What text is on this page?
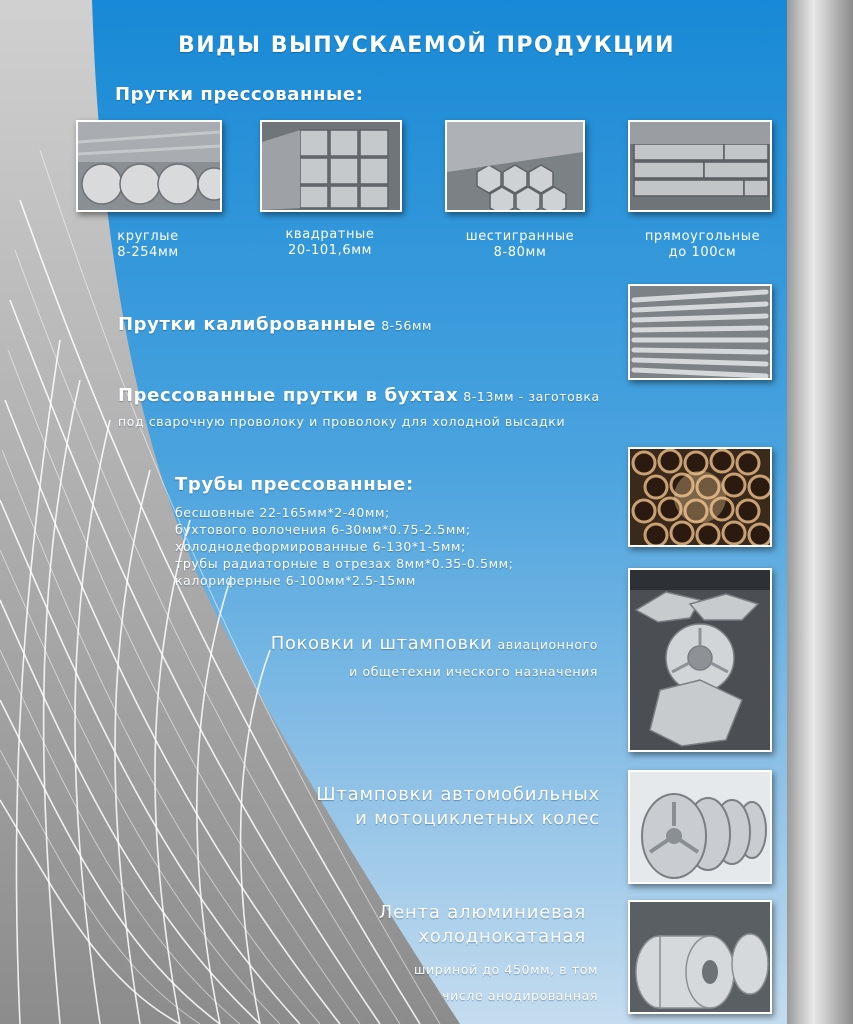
ВИДЫ ВЫПУСКАЕМОЙ ПРОДУКЦИИ
Прутки прессованные:
круглые
8-254мм
квадратные
20-101,6мм
шестигранные
8-80мм
прямоугольные
до 100см
Прутки калиброванные 8-56мм
Прессованные прутки в бухтах 8-13мм - заготовка
под сварочную проволоку и проволоку для холодной высадки
Трубы прессованные:
бесшовные 22-165мм*2-40мм;
бухтового волочения 6-30мм*0.75-2.5мм;
холоднодеформированные 6-130*1-5мм;
трубы радиаторные в отрезах 8мм*0.35-0.5мм;
калориферные 6-100мм*2.5-15мм
Поковки и штамповки авиационного
и общетехни ического назначения
Штамповки автомобильных
и мотоциклетных колес
Лента алюминиевая
холоднокатаная
шириной до 450мм, в том
числе анодированная
